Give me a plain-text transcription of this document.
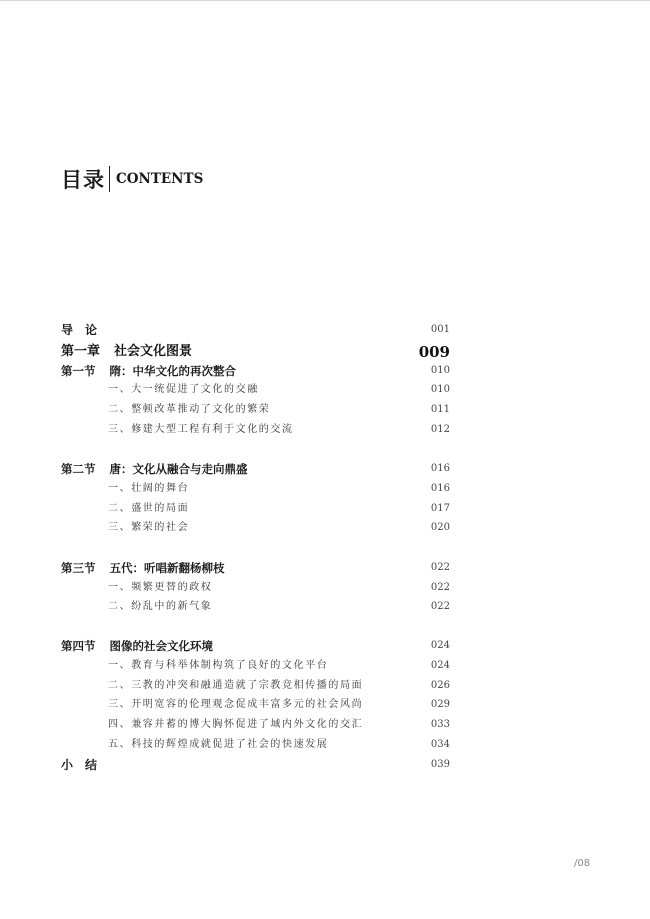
目录 CONTENTS
导论	001
第一章 社会文化图景	009
第一节 隋：中华文化的再次整合	010
一、大一统促进了文化的交融	010
二、整顿改革推动了文化的繁荣	011
三、修建大型工程有利于文化的交流	012
第二节 唐：文化从融合与走向鼎盛	016
一、壮阔的舞台	016
二、盛世的局面	017
三、繁荣的社会	020
第三节 五代：听唱新翻杨柳枝	022
一、频繁更替的政权	022
二、纷乱中的新气象	022
第四节 图像的社会文化环境	024
一、教育与科举体制构筑了良好的文化平台	024
二、三教的冲突和融通造就了宗教竞相传播的局面	026
三、开明宽容的伦理观念促成丰富多元的社会风尚	029
四、兼容并蓄的博大胸怀促进了域内外文化的交汇	033
五、科技的辉煌成就促进了社会的快速发展	034
小结	039
/08
